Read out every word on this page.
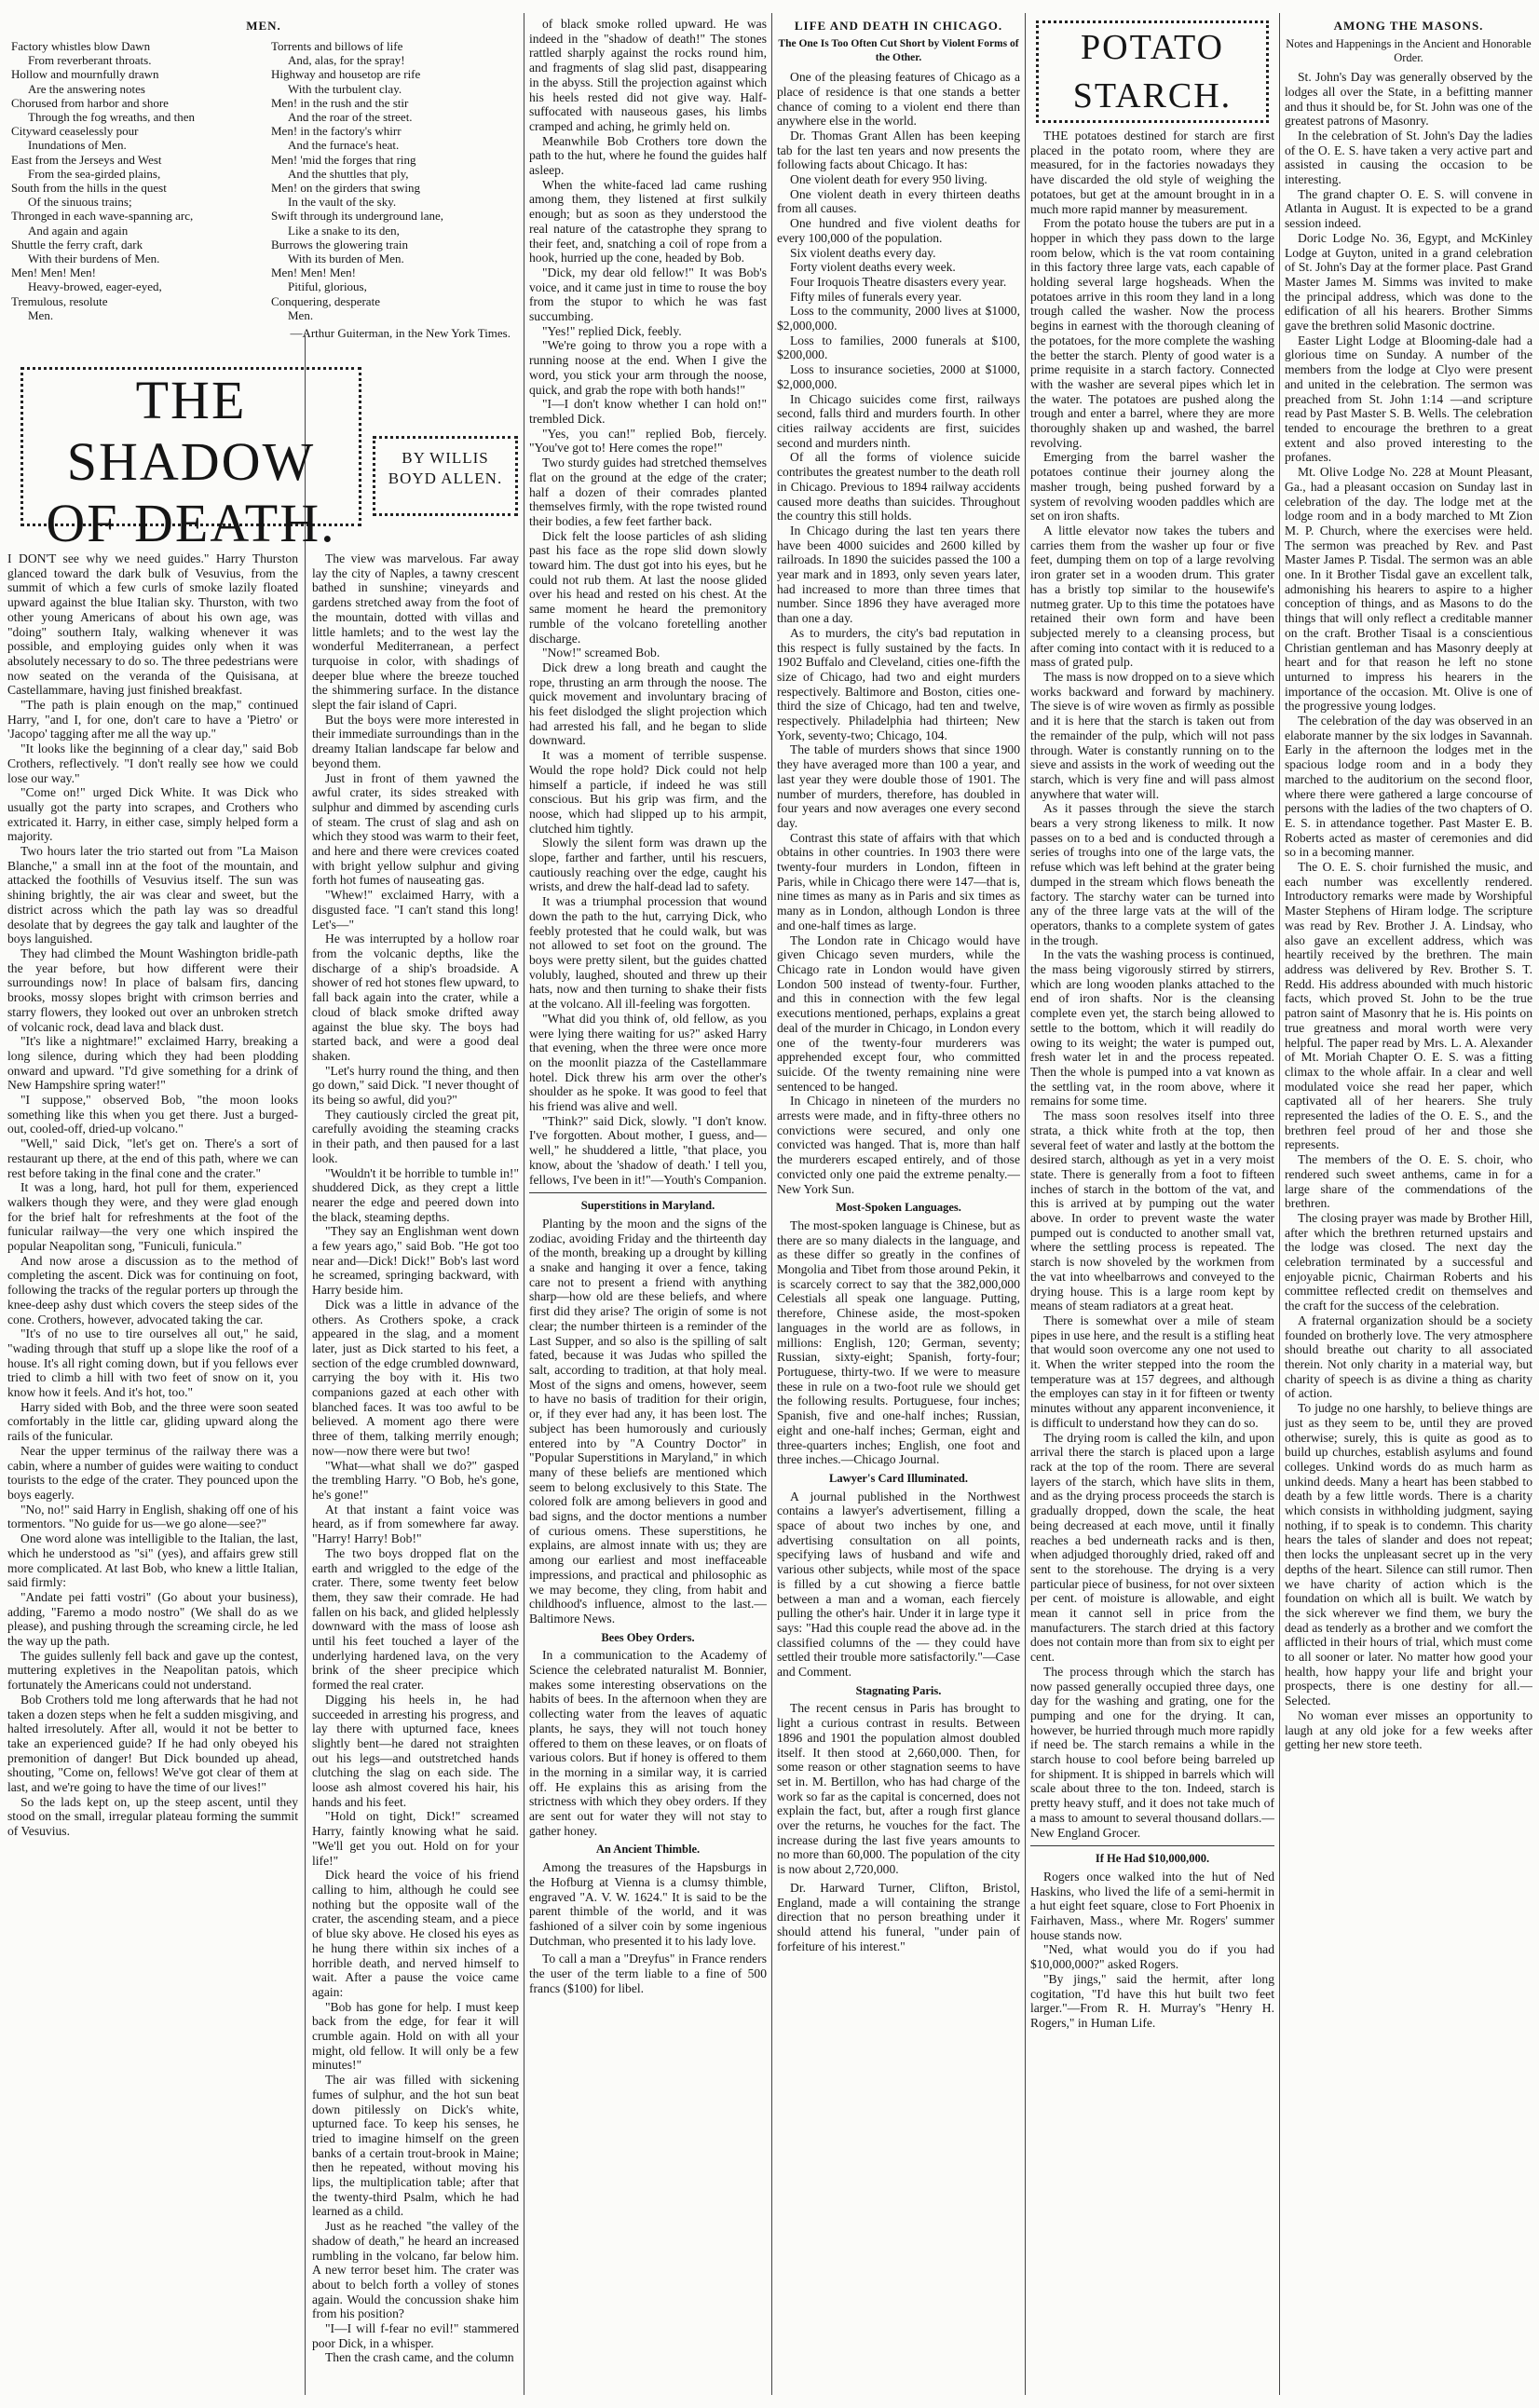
MEN.
Factory whistles blow Dawn
From reverberant throats.
Hollow and mournfully drawn
Are the answering notes
Chorused from harbor and shore
Through the fog wreaths, and then
Cityward ceaselessly pour
Inundations of Men.
East from the Jerseys and West
From the sea-girded plains,
South from the hills in the quest
Of the sinuous trains;
Thronged in each wave-spanning arc,
And again and again
Shuttle the ferry craft, dark
With their burdens of Men.
Men! Men! Men!
Heavy-browed, eager-eyed,
Tremulous, resolute
Men.
Torrents and billows of life
And, alas, for the spray!
Highway and housetop are rife
With the turbulent clay.
Men! in the rush and the stir
And the roar of the street.
Men! in the factory's whirr
And the furnace's heat.
Men! 'mid the forges that ring
And the shuttles that ply,
Men! on the girders that swing
In the vault of the sky.
Swift through its underground lane,
Like a snake to its den,
Burrows the glowering train
With its burden of Men.
Men! Men! Men!
Pitiful, glorious,
Conquering, desperate
Men.
—Arthur Guiterman, in the New York Times.
THE SHADOW
OF DEATH.
BY WILLIS
BOYD ALLEN.

I DON'T see why we need guides." Harry Thurston glanced toward the dark bulk of Vesuvius, from the summit of which a few curls of smoke lazily floated upward against the blue Italian sky. Thurston, with two other young Americans of about his own age, was "doing" southern Italy, walking whenever it was possible, and employing guides only when it was absolutely necessary to do so. The three pedestrians were now seated on the veranda of the Quisisana, at Castellammare, having just finished breakfast.

"The path is plain enough on the map," continued Harry, "and I, for one, don't care to have a 'Pietro' or 'Jacopo' tagging after me all the way up."

"It looks like the beginning of a clear day," said Bob Crothers, reflectively. "I don't really see how we could lose our way."

"Come on!" urged Dick White. It was Dick who usually got the party into scrapes, and Crothers who extricated it. Harry, in either case, simply helped form a majority.

Two hours later the trio started out from "La Maison Blanche," a small inn at the foot of the mountain, and attacked the foothills of Vesuvius itself. The sun was shining brightly, the air was clear and sweet, but the district across which the path lay was so dreadful desolate that by degrees the gay talk and laughter of the boys languished.

They had climbed the Mount Washington bridle-path the year before, but how different were their surroundings now! In place of balsam firs, dancing brooks, mossy slopes bright with crimson berries and starry flowers, they looked out over an unbroken stretch of volcanic rock, dead lava and black dust.

"It's like a nightmare!" exclaimed Harry, breaking a long silence, during which they had been plodding onward and upward. "I'd give something for a drink of New Hampshire spring water!"

"I suppose," observed Bob, "the moon looks something like this when you get there. Just a burged-out, cooled-off, dried-up volcano."

"Well," said Dick, "let's get on. There's a sort of restaurant up there, at the end of this path, where we can rest before taking in the final cone and the crater."

It was a long, hard, hot pull for them, experienced walkers though they were, and they were glad enough for the brief halt for refreshments at the foot of the funicular railway—the very one which inspired the popular Neapolitan song, "Funiculi, funicula."

And now arose a discussion as to the method of completing the ascent. Dick was for continuing on foot, following the tracks of the regular porters up through the knee-deep ashy dust which covers the steep sides of the cone. Crothers, however, advocated taking the car.

"It's of no use to tire ourselves all out," he said, "wading through that stuff up a slope like the roof of a house. It's all right coming down, but if you fellows ever tried to climb a hill with two feet of snow on it, you know how it feels. And it's hot, too."

Harry sided with Bob, and the three were soon seated comfortably in the little car, gliding upward along the rails of the funicular.

Near the upper terminus of the railway there was a cabin, where a number of guides were waiting to conduct tourists to the edge of the crater. They pounced upon the boys eagerly.

"No, no!" said Harry in English, shaking off one of his tormentors. "No guide for us—we go alone—see?"

One word alone was intelligible to the Italian, the last, which he understood as "si" (yes), and affairs grew still more complicated. At last Bob, who knew a little Italian, said firmly:

"Andate pei fatti vostri" (Go about your business), adding, "Faremo a modo nostro" (We shall do as we please), and pushing through the screaming circle, he led the way up the path.

The guides sullenly fell back and gave up the contest, muttering expletives in the Neapolitan patois, which fortunately the Americans could not understand.

Bob Crothers told me long afterwards that he had not taken a dozen steps when he felt a sudden misgiving, and halted irresolutely. After all, would it not be better to take an experienced guide? If he had only obeyed his premonition of danger! But Dick bounded up ahead, shouting, "Come on, fellows! We've got clear of them at last, and we're going to have the time of our lives!"

So the lads kept on, up the steep ascent, until they stood on the small, irregular plateau forming the summit of Vesuvius.

The view was marvelous. Far away lay the city of Naples, a tawny crescent bathed in sunshine; vineyards and gardens stretched away from the foot of the mountain, dotted with villas and little hamlets; and to the west lay the wonderful Mediterranean, a perfect turquoise in color, with shadings of deeper blue where the breeze touched the shimmering surface. In the distance slept the fair island of Capri.

But the boys were more interested in their immediate surroundings than in the dreamy Italian landscape far below and beyond them.

Just in front of them yawned the awful crater, its sides streaked with sulphur and dimmed by ascending curls of steam. The crust of slag and ash on which they stood was warm to their feet, and here and there were crevices coated with bright yellow sulphur and giving forth hot fumes of nauseating gas.

"Whew!" exclaimed Harry, with a disgusted face. "I can't stand this long! Let's—"

He was interrupted by a hollow roar from the volcanic depths, like the discharge of a ship's broadside. A shower of red hot stones flew upward, to fall back again into the crater, while a cloud of black smoke drifted away against the blue sky. The boys had started back, and were a good deal shaken.

"Let's hurry round the thing, and then go down," said Dick. "I never thought of its being so awful, did you?"

They cautiously circled the great pit, carefully avoiding the steaming cracks in their path, and then paused for a last look.

"Wouldn't it be horrible to tumble in!" shuddered Dick, as they crept a little nearer the edge and peered down into the black, steaming depths.

"They say an Englishman went down a few years ago," said Bob. "He got too near and—Dick! Dick!" Bob's last word he screamed, springing backward, with Harry beside him.

Dick was a little in advance of the others. As Crothers spoke, a crack appeared in the slag, and a moment later, just as Dick started to his feet, a section of the edge crumbled downward, carrying the boy with it. His two companions gazed at each other with blanched faces. It was too awful to be believed. A moment ago there were three of them, talking merrily enough; now—now there were but two!

"What—what shall we do?" gasped the trembling Harry. "O Bob, he's gone, he's gone!"

At that instant a faint voice was heard, as if from somewhere far away. "Harry! Harry! Bob!"

The two boys dropped flat on the earth and wriggled to the edge of the crater. There, some twenty feet below them, they saw their comrade. He had fallen on his back, and glided helplessly downward with the mass of loose ash until his feet touched a layer of the underlying hardened lava, on the very brink of the sheer precipice which formed the real crater.

Digging his heels in, he had succeeded in arresting his progress, and lay there with upturned face, knees slightly bent—he dared not straighten out his legs—and outstretched hands clutching the slag on each side. The loose ash almost covered his hair, his hands and his feet.

"Hold on tight, Dick!" screamed Harry, faintly knowing what he said. "We'll get you out. Hold on for your life!"

Dick heard the voice of his friend calling to him, although he could see nothing but the opposite wall of the crater, the ascending steam, and a piece of blue sky above. He closed his eyes as he hung there within six inches of a horrible death, and nerved himself to wait. After a pause the voice came again:

"Bob has gone for help. I must keep back from the edge, for fear it will crumble again. Hold on with all your might, old fellow. It will only be a few minutes!"

The air was filled with sickening fumes of sulphur, and the hot sun beat down pitilessly on Dick's white, upturned face. To keep his senses, he tried to imagine himself on the green banks of a certain trout-brook in Maine; then he repeated, without moving his lips, the multiplication table; after that the twenty-third Psalm, which he had learned as a child.

Just as he reached "the valley of the shadow of death," he heard an increased rumbling in the volcano, far below him. A new terror beset him. The crater was about to belch forth a volley of stones again. Would the concussion shake him from his position?

"I—I will f-fear no evil!" stammered poor Dick, in a whisper.

Then the crash came, and the column

of black smoke rolled upward. He was indeed in the "shadow of death!" The stones rattled sharply against the rocks round him, and fragments of slag slid past, disappearing in the abyss. Still the projection against which his heels rested did not give way. Half-suffocated with nauseous gases, his limbs cramped and aching, he grimly held on.

Meanwhile Bob Crothers tore down the path to the hut, where he found the guides half asleep.

When the white-faced lad came rushing among them, they listened at first sulkily enough; but as soon as they understood the real nature of the catastrophe they sprang to their feet, and, snatching a coil of rope from a hook, hurried up the cone, headed by Bob.

"Dick, my dear old fellow!" It was Bob's voice, and it came just in time to rouse the boy from the stupor to which he was fast succumbing.

"Yes!" replied Dick, feebly.

"We're going to throw you a rope with a running noose at the end. When I give the word, you stick your arm through the noose, quick, and grab the rope with both hands!"

"I—I don't know whether I can hold on!" trembled Dick.

"Yes, you can!" replied Bob, fiercely. "You've got to! Here comes the rope!"

Two sturdy guides had stretched themselves flat on the ground at the edge of the crater; half a dozen of their comrades planted themselves firmly, with the rope twisted round their bodies, a few feet farther back.

Dick felt the loose particles of ash sliding past his face as the rope slid down slowly toward him. The dust got into his eyes, but he could not rub them. At last the noose glided over his head and rested on his chest. At the same moment he heard the premonitory rumble of the volcano foretelling another discharge.

"Now!" screamed Bob.

Dick drew a long breath and caught the rope, thrusting an arm through the noose. The quick movement and involuntary bracing of his feet dislodged the slight projection which had arrested his fall, and he began to slide downward.

It was a moment of terrible suspense. Would the rope hold? Dick could not help himself a particle, if indeed he was still conscious. But his grip was firm, and the noose, which had slipped up to his armpit, clutched him tightly.

Slowly the silent form was drawn up the slope, farther and farther, until his rescuers, cautiously reaching over the edge, caught his wrists, and drew the half-dead lad to safety.

It was a triumphal procession that wound down the path to the hut, carrying Dick, who feebly protested that he could walk, but was not allowed to set foot on the ground. The boys were pretty silent, but the guides chatted volubly, laughed, shouted and threw up their hats, now and then turning to shake their fists at the volcano. All ill-feeling was forgotten.

"What did you think of, old fellow, as you were lying there waiting for us?" asked Harry that evening, when the three were once more on the moonlit piazza of the Castellammare hotel. Dick threw his arm over the other's shoulder as he spoke. It was good to feel that his friend was alive and well.

"Think?" said Dick, slowly. "I don't know. I've forgotten. About mother, I guess, and—well," he shuddered a little, "that place, you know, about the 'shadow of death.' I tell you, fellows, I've been in it!"—Youth's Companion.

Superstitions in Maryland.

Planting by the moon and the signs of the zodiac, avoiding Friday and the thirteenth day of the month, breaking up a drought by killing a snake and hanging it over a fence, taking care not to present a friend with anything sharp—how old are these beliefs, and where first did they arise? The origin of some is not clear; the number thirteen is a reminder of the Last Supper, and so also is the spilling of salt fated, because it was Judas who spilled the salt, according to tradition, at that holy meal. Most of the signs and omens, however, seem to have no basis of tradition for their origin, or, if they ever had any, it has been lost. The subject has been humorously and curiously entered into by "A Country Doctor" in "Popular Superstitions in Maryland," in which many of these beliefs are mentioned which seem to belong exclusively to this State. The colored folk are among believers in good and bad signs, and the doctor mentions a number of curious omens. These superstitions, he explains, are almost innate with us; they are among our earliest and most ineffaceable impressions, and practical and philosophic as we may become, they cling, from habit and childhood's influence, almost to the last.—Baltimore News.

Bees Obey Orders.

In a communication to the Academy of Science the celebrated naturalist M. Bonnier, makes some interesting observations on the habits of bees. In the afternoon when they are collecting water from the leaves of aquatic plants, he says, they will not touch honey offered to them on these leaves, or on floats of various colors. But if honey is offered to them in the morning in a similar way, it is carried off. He explains this as arising from the strictness with which they obey orders. If they are sent out for water they will not stay to gather honey.

An Ancient Thimble.

Among the treasures of the Hapsburgs in the Hofburg at Vienna is a clumsy thimble, engraved "A. V. W. 1624." It is said to be the parent thimble of the world, and it was fashioned of a silver coin by some ingenious Dutchman, who presented it to his lady love.

To call a man a "Dreyfus" in France renders the user of the term liable to a fine of 500 francs ($100) for libel.

LIFE AND DEATH IN CHICAGO.
The One Is Too Often Cut Short by Violent Forms of the Other.

One of the pleasing features of Chicago as a place of residence is that one stands a better chance of coming to a violent end there than anywhere else in the world.

Dr. Thomas Grant Allen has been keeping tab for the last ten years and now presents the following facts about Chicago. It has:

One violent death for every 950 living.

One violent death in every thirteen deaths from all causes.

One hundred and five violent deaths for every 100,000 of the population.

Six violent deaths every day.

Forty violent deaths every week.

Four Iroquois Theatre disasters every year.

Fifty miles of funerals every year.

Loss to the community, 2000 lives at $1000, $2,000,000.

Loss to families, 2000 funerals at $100, $200,000.

Loss to insurance societies, 2000 at $1000, $2,000,000.

In Chicago suicides come first, railways second, falls third and murders fourth. In other cities railway accidents are first, suicides second and murders ninth.

Of all the forms of violence suicide contributes the greatest number to the death roll in Chicago. Previous to 1894 railway accidents caused more deaths than suicides. Throughout the country this still holds.

In Chicago during the last ten years there have been 4000 suicides and 2600 killed by railroads. In 1890 the suicides passed the 100 a year mark and in 1893, only seven years later, had increased to more than three times that number. Since 1896 they have averaged more than one a day.

As to murders, the city's bad reputation in this respect is fully sustained by the facts. In 1902 Buffalo and Cleveland, cities one-fifth the size of Chicago, had two and eight murders respectively. Baltimore and Boston, cities one-third the size of Chicago, had ten and twelve, respectively. Philadelphia had thirteen; New York, seventy-two; Chicago, 104.

The table of murders shows that since 1900 they have averaged more than 100 a year, and last year they were double those of 1901. The number of murders, therefore, has doubled in four years and now averages one every second day.

Contrast this state of affairs with that which obtains in other countries. In 1903 there were twenty-four murders in London, fifteen in Paris, while in Chicago there were 147—that is, nine times as many as in Paris and six times as many as in London, although London is three and one-half times as large.

The London rate in Chicago would have given Chicago seven murders, while the Chicago rate in London would have given London 500 instead of twenty-four. Further, and this in connection with the few legal executions mentioned, perhaps, explains a great deal of the murder in Chicago, in London every one of the twenty-four murderers was apprehended except four, who committed suicide. Of the twenty remaining nine were sentenced to be hanged.

In Chicago in nineteen of the murders no arrests were made, and in fifty-three others no convictions were secured, and only one convicted was hanged. That is, more than half the murderers escaped entirely, and of those convicted only one paid the extreme penalty.—New York Sun.

Most-Spoken Languages.

The most-spoken language is Chinese, but as there are so many dialects in the language, and as these differ so greatly in the confines of Mongolia and Tibet from those around Pekin, it is scarcely correct to say that the 382,000,000 Celestials all speak one language. Putting, therefore, Chinese aside, the most-spoken languages in the world are as follows, in millions: English, 120; German, seventy; Russian, sixty-eight; Spanish, forty-four; Portuguese, thirty-two. If we were to measure these in rule on a two-foot rule we should get the following results. Portuguese, four inches; Spanish, five and one-half inches; Russian, eight and one-half inches; German, eight and three-quarters inches; English, one foot and three inches.—Chicago Journal.

Lawyer's Card Illuminated.

A journal published in the Northwest contains a lawyer's advertisement, filling a space of about two inches by one, and advertising consultation on all points, specifying laws of husband and wife and various other subjects, while most of the space is filled by a cut showing a fierce battle between a man and a woman, each fiercely pulling the other's hair. Under it in large type it says: "Had this couple read the above ad. in the classified columns of the — they could have settled their trouble more satisfactorily."—Case and Comment.

Stagnating Paris.

The recent census in Paris has brought to light a curious contrast in results. Between 1896 and 1901 the population almost doubled itself. It then stood at 2,660,000. Then, for some reason or other stagnation seems to have set in. M. Bertillon, who has had charge of the work so far as the capital is concerned, does not explain the fact, but, after a rough first glance over the returns, he vouches for the fact. The increase during the last five years amounts to no more than 60,000. The population of the city is now about 2,720,000.

Dr. Harward Turner, Clifton, Bristol, England, made a will containing the strange direction that no person breathing under it should attend his funeral, "under pain of forfeiture of his interest."

POTATO STARCH.

THE potatoes destined for starch are first placed in the potato room, where they are measured, for in the factories nowadays they have discarded the old style of weighing the potatoes, but get at the amount brought in in a much more rapid manner by measurement.

From the potato house the tubers are put in a hopper in which they pass down to the large room below, which is the vat room containing in this factory three large vats, each capable of holding several large hogsheads. When the potatoes arrive in this room they land in a long trough called the washer. Now the process begins in earnest with the thorough cleaning of the potatoes, for the more complete the washing the better the starch. Plenty of good water is a prime requisite in a starch factory. Connected with the washer are several pipes which let in the water. The potatoes are pushed along the trough and enter a barrel, where they are more thoroughly shaken up and washed, the barrel revolving.

Emerging from the barrel washer the potatoes continue their journey along the masher trough, being pushed forward by a system of revolving wooden paddles which are set on iron shafts.

A little elevator now takes the tubers and carries them from the washer up four or five feet, dumping them on top of a large revolving iron grater set in a wooden drum. This grater has a bristly top similar to the housewife's nutmeg grater. Up to this time the potatoes have retained their own form and have been subjected merely to a cleansing process, but after coming into contact with it is reduced to a mass of grated pulp.

The mass is now dropped on to a sieve which works backward and forward by machinery. The sieve is of wire woven as firmly as possible and it is here that the starch is taken out from the remainder of the pulp, which will not pass through. Water is constantly running on to the sieve and assists in the work of weeding out the starch, which is very fine and will pass almost anywhere that water will.

As it passes through the sieve the starch bears a very strong likeness to milk. It now passes on to a bed and is conducted through a series of troughs into one of the large vats, the refuse which was left behind at the grater being dumped in the stream which flows beneath the factory. The starchy water can be turned into any of the three large vats at the will of the operators, thanks to a complete system of gates in the trough.

In the vats the washing process is continued, the mass being vigorously stirred by stirrers, which are long wooden planks attached to the end of iron shafts. Nor is the cleansing complete even yet, the starch being allowed to settle to the bottom, which it will readily do owing to its weight; the water is pumped out, fresh water let in and the process repeated. Then the whole is pumped into a vat known as the settling vat, in the room above, where it remains for some time.

The mass soon resolves itself into three strata, a thick white froth at the top, then several feet of water and lastly at the bottom the desired starch, although as yet in a very moist state. There is generally from a foot to fifteen inches of starch in the bottom of the vat, and this is arrived at by pumping out the water above. In order to prevent waste the water pumped out is conducted to another small vat, where the settling process is repeated. The starch is now shoveled by the workmen from the vat into wheelbarrows and conveyed to the drying house. This is a large room kept by means of steam radiators at a great heat.

There is somewhat over a mile of steam pipes in use here, and the result is a stifling heat that would soon overcome any one not used to it. When the writer stepped into the room the temperature was at 157 degrees, and although the employes can stay in it for fifteen or twenty minutes without any apparent inconvenience, it is difficult to understand how they can do so.

The drying room is called the kiln, and upon arrival there the starch is placed upon a large rack at the top of the room. There are several layers of the starch, which have slits in them, and as the drying process proceeds the starch is gradually dropped, down the scale, the heat being decreased at each move, until it finally reaches a bed underneath racks and is then, when adjudged thoroughly dried, raked off and sent to the storehouse. The drying is a very particular piece of business, for not over sixteen per cent. of moisture is allowable, and eight mean it cannot sell in price from the manufacturers. The starch dried at this factory does not contain more than from six to eight per cent.

The process through which the starch has now passed generally occupied three days, one day for the washing and grating, one for the pumping and one for the drying. It can, however, be hurried through much more rapidly if need be. The starch remains a while in the starch house to cool before being barreled up for shipment. It is shipped in barrels which will scale about three to the ton. Indeed, starch is pretty heavy stuff, and it does not take much of a mass to amount to several thousand dollars.—New England Grocer.

If He Had $10,000,000.

Rogers once walked into the hut of Ned Haskins, who lived the life of a semi-hermit in a hut eight feet square, close to Fort Phoenix in Fairhaven, Mass., where Mr. Rogers' summer house stands now.

"Ned, what would you do if you had $10,000,000?" asked Rogers.

"By jings," said the hermit, after long cogitation, "I'd have this hut built two feet larger."—From R. H. Murray's "Henry H. Rogers," in Human Life.

AMONG THE MASONS.
Notes and Happenings in the Ancient and Honorable Order.

St. John's Day was generally observed by the lodges all over the State, in a befitting manner and thus it should be, for St. John was one of the greatest patrons of Masonry.

In the celebration of St. John's Day the ladies of the O. E. S. have taken a very active part and assisted in causing the occasion to be interesting.

The grand chapter O. E. S. will convene in Atlanta in August. It is expected to be a grand session indeed.

Doric Lodge No. 36, Egypt, and McKinley Lodge at Guyton, united in a grand celebration of St. John's Day at the former place. Past Grand Master James M. Simms was invited to make the principal address, which was done to the edification of all his hearers. Brother Simms gave the brethren solid Masonic doctrine.

Easter Light Lodge at Blooming-dale had a glorious time on Sunday. A number of the members from the lodge at Clyo were present and united in the celebration. The sermon was preached from St. John 1:14 —and scripture read by Past Master S. B. Wells. The celebration tended to encourage the brethren to a great extent and also proved interesting to the profanes.

Mt. Olive Lodge No. 228 at Mount Pleasant, Ga., had a pleasant occasion on Sunday last in celebration of the day. The lodge met at the lodge room and in a body marched to Mt Zion M. P. Church, where the exercises were held. The sermon was preached by Rev. and Past Master James P. Tisdal. The sermon was an able one. In it Brother Tisdal gave an excellent talk, admonishing his hearers to aspire to a higher conception of things, and as Masons to do the things that will only reflect a creditable manner on the craft. Brother Tisaal is a conscientious Christian gentleman and has Masonry deeply at heart and for that reason he left no stone unturned to impress his hearers in the importance of the occasion. Mt. Olive is one of the progressive young lodges.

The celebration of the day was observed in an elaborate manner by the six lodges in Savannah. Early in the afternoon the lodges met in the spacious lodge room and in a body they marched to the auditorium on the second floor, where there were gathered a large concourse of persons with the ladies of the two chapters of O. E. S. in attendance together. Past Master E. B. Roberts acted as master of ceremonies and did so in a becoming manner.

The O. E. S. choir furnished the music, and each number was excellently rendered. Introductory remarks were made by Worshipful Master Stephens of Hiram lodge. The scripture was read by Rev. Brother J. A. Lindsay, who also gave an excellent address, which was heartily received by the brethren. The main address was delivered by Rev. Brother S. T. Redd. His address abounded with much historic facts, which proved St. John to be the true patron saint of Masonry that he is. His points on true greatness and moral worth were very helpful. The paper read by Mrs. L. A. Alexander of Mt. Moriah Chapter O. E. S. was a fitting climax to the whole affair. In a clear and well modulated voice she read her paper, which captivated all of her hearers. She truly represented the ladies of the O. E. S., and the brethren feel proud of her and those she represents.

The members of the O. E. S. choir, who rendered such sweet anthems, came in for a large share of the commendations of the brethren.

The closing prayer was made by Brother Hill, after which the brethren returned upstairs and the lodge was closed. The next day the celebration terminated by a successful and enjoyable picnic, Chairman Roberts and his committee reflected credit on themselves and the craft for the success of the celebration.

A fraternal organization should be a society founded on brotherly love. The very atmosphere should breathe out charity to all associated therein. Not only charity in a material way, but charity of speech is as divine a thing as charity of action.

To judge no one harshly, to believe things are just as they seem to be, until they are proved otherwise; surely, this is quite as good as to build up churches, establish asylums and found colleges. Unkind words do as much harm as unkind deeds. Many a heart has been stabbed to death by a few little words. There is a charity which consists in withholding judgment, saying nothing, if to speak is to condemn. This charity hears the tales of slander and does not repeat; then locks the unpleasant secret up in the very depths of the heart. Silence can still rumor. Then we have charity of action which is the foundation on which all is built. We watch by the sick wherever we find them, we bury the dead as tenderly as a brother and we comfort the afflicted in their hours of trial, which must come to all sooner or later. No matter how good your health, how happy your life and bright your prospects, there is one destiny for all.—Selected.

No woman ever misses an opportunity to laugh at any old joke for a few weeks after getting her new store teeth.
